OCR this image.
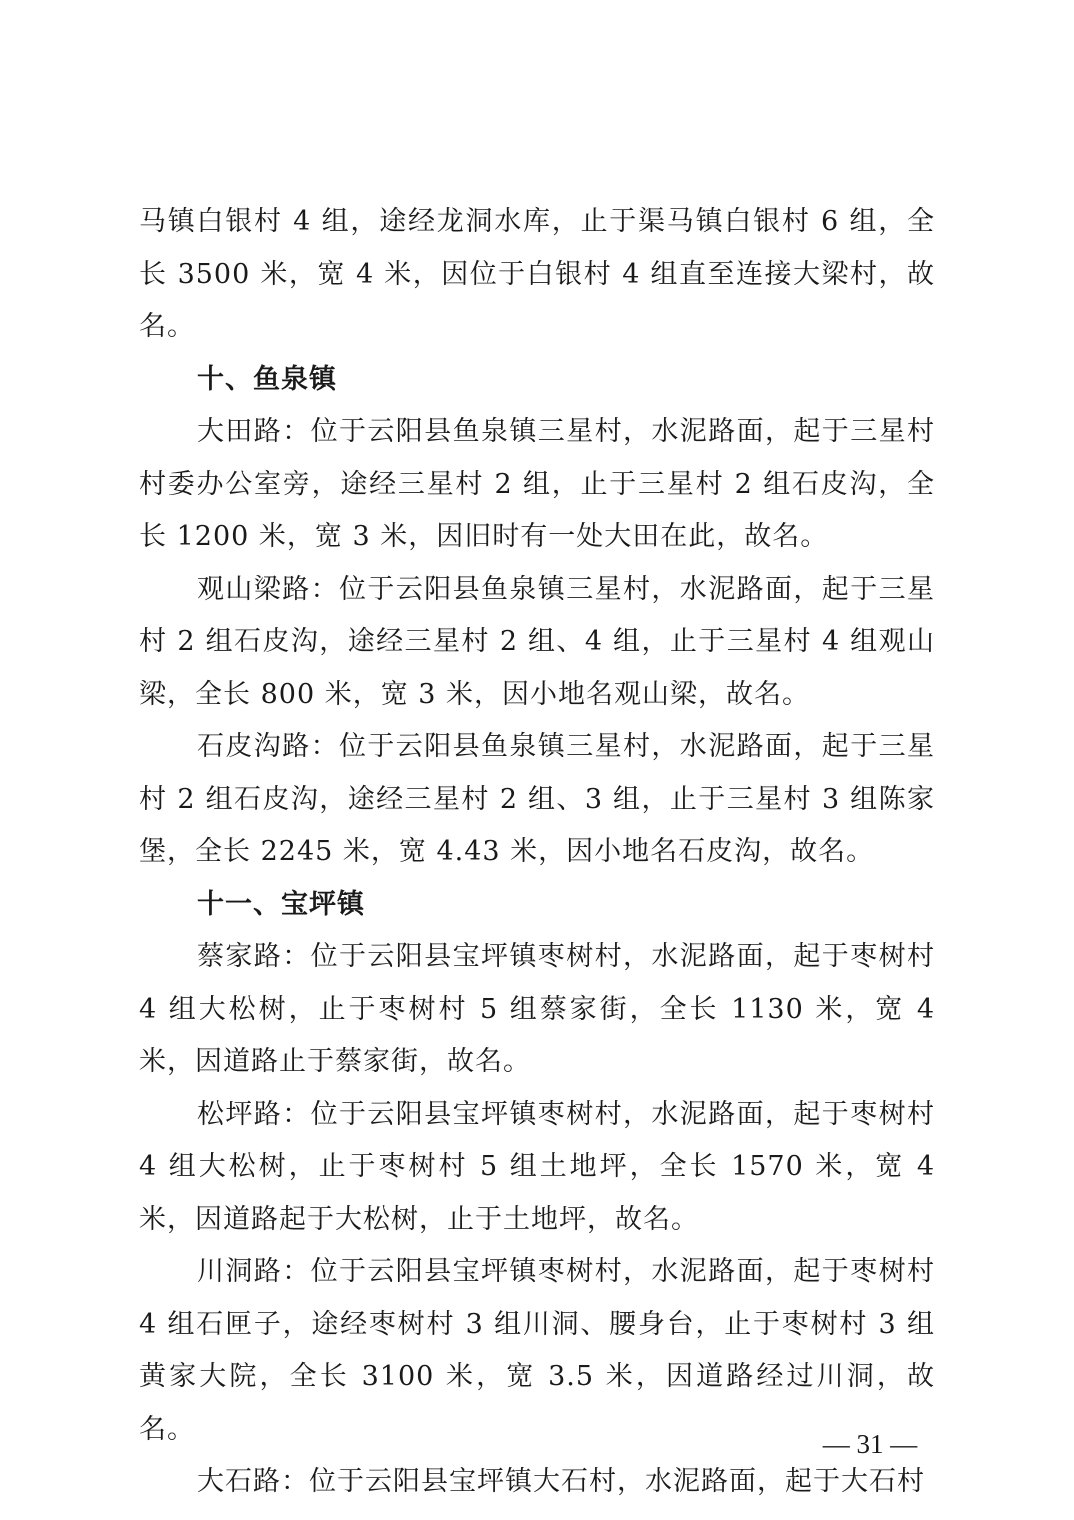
马镇白银村 4 组，途经龙洞水库，止于渠马镇白银村 6 组，全长 3500 米，宽 4 米，因位于白银村 4 组直至连接大梁村，故名。

十、鱼泉镇

大田路：位于云阳县鱼泉镇三星村，水泥路面，起于三星村村委办公室旁，途经三星村 2 组，止于三星村 2 组石皮沟，全长 1200 米，宽 3 米，因旧时有一处大田在此，故名。

观山梁路：位于云阳县鱼泉镇三星村，水泥路面，起于三星村 2 组石皮沟，途经三星村 2 组、4 组，止于三星村 4 组观山梁，全长 800 米，宽 3 米，因小地名观山梁，故名。

石皮沟路：位于云阳县鱼泉镇三星村，水泥路面，起于三星村 2 组石皮沟，途经三星村 2 组、3 组，止于三星村 3 组陈家堡，全长 2245 米，宽 4.43 米，因小地名石皮沟，故名。

十一、宝坪镇

蔡家路：位于云阳县宝坪镇枣树村，水泥路面，起于枣树村 4 组大松树，止于枣树村 5 组蔡家街，全长 1130 米，宽 4 米，因道路止于蔡家街，故名。

松坪路：位于云阳县宝坪镇枣树村，水泥路面，起于枣树村 4 组大松树，止于枣树村 5 组土地坪，全长 1570 米，宽 4 米，因道路起于大松树，止于土地坪，故名。

川洞路：位于云阳县宝坪镇枣树村，水泥路面，起于枣树村 4 组石匣子，途经枣树村 3 组川洞、腰身台，止于枣树村 3 组黄家大院，全长 3100 米，宽 3.5 米，因道路经过川洞，故名。

大石路：位于云阳县宝坪镇大石村，水泥路面，起于大石村

— 31 —
